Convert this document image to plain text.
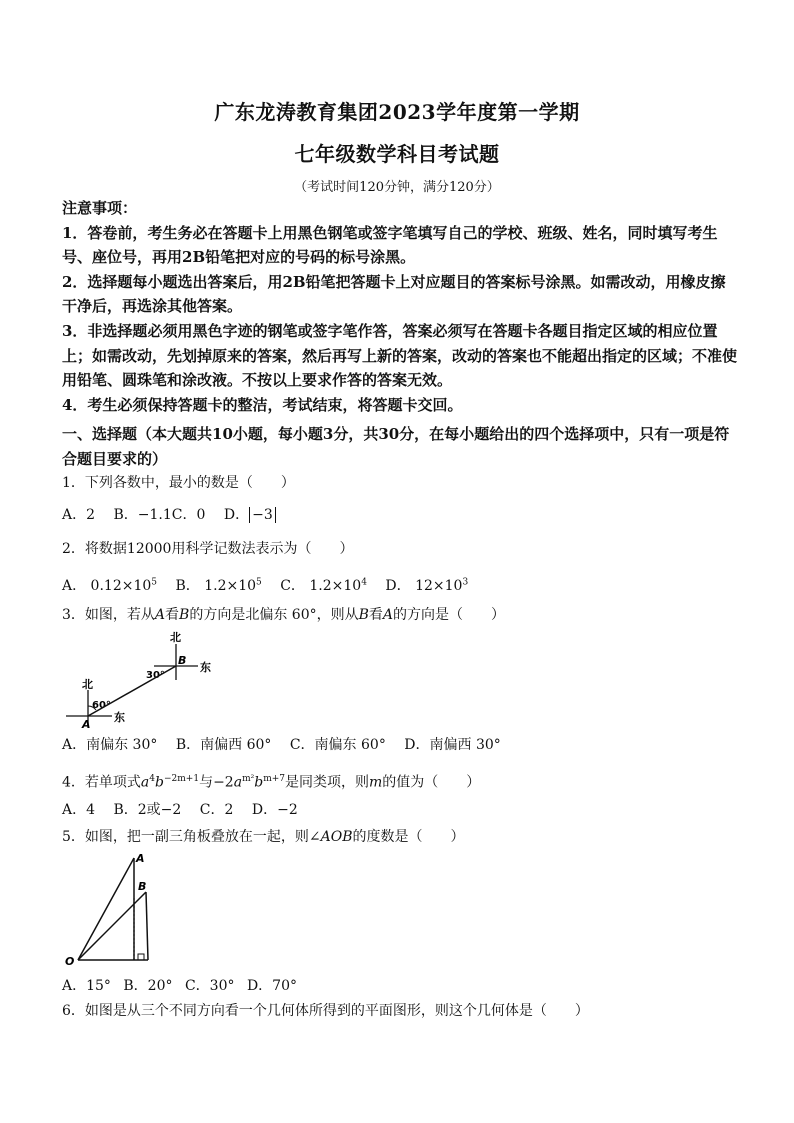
广东龙涛教育集团2023学年度第一学期
七年级数学科目考试题
（考试时间120分钟，满分120分）
注意事项：
1．答卷前，考生务必在答题卡上用黑色钢笔或签字笔填写自己的学校、班级、姓名，同时填写考生号、座位号，再用2B铅笔把对应的号码的标号涂黑。
2．选择题每小题选出答案后，用2B铅笔把答题卡上对应题目的答案标号涂黑。如需改动，用橡皮擦干净后，再选涂其他答案。
3．非选择题必须用黑色字迹的钢笔或签字笔作答，答案必须写在答题卡各题目指定区域的相应位置上；如需改动，先划掉原来的答案，然后再写上新的答案，改动的答案也不能超出指定的区域；不准使用铅笔、圆珠笔和涂改液。不按以上要求作答的答案无效。
4．考生必须保持答题卡的整洁，考试结束，将答题卡交回。
一、选择题（本大题共10小题，每小题3分，共30分，在每小题给出的四个选择项中，只有一项是符合题目要求的）
1．下列各数中，最小的数是（　　）
A．2 B．−1.1C．0 D． −3
2．将数据12000用科学记数法表示为（　　）
A． $0.12\times 10^5$ B． $1.2\times 10^5$ C． $1.2\times 10^4$ D． $12\times 10^3$
3．如图，若从A看B的方向是北偏东 60°，则从B看A的方向是（　　）
北
东
B
30°
北
东
A
60°
A．南偏东 30° B．南偏西 60° C．南偏东 60° D．南偏西 30°
4．若单项式$a^4b^{-2m+1}$与$-2a^{m^2}b^{m+7}$是同类项，则m的值为（　　）
A．4 B．2或−2 C．2 D．−2
5．如图，把一副三角板叠放在一起，则∠AOB的度数是（　　）
A
B
O
A．15° B．20° C．30° D．70°
6．如图是从三个不同方向看一个几何体所得到的平面图形，则这个几何体是（　　）
